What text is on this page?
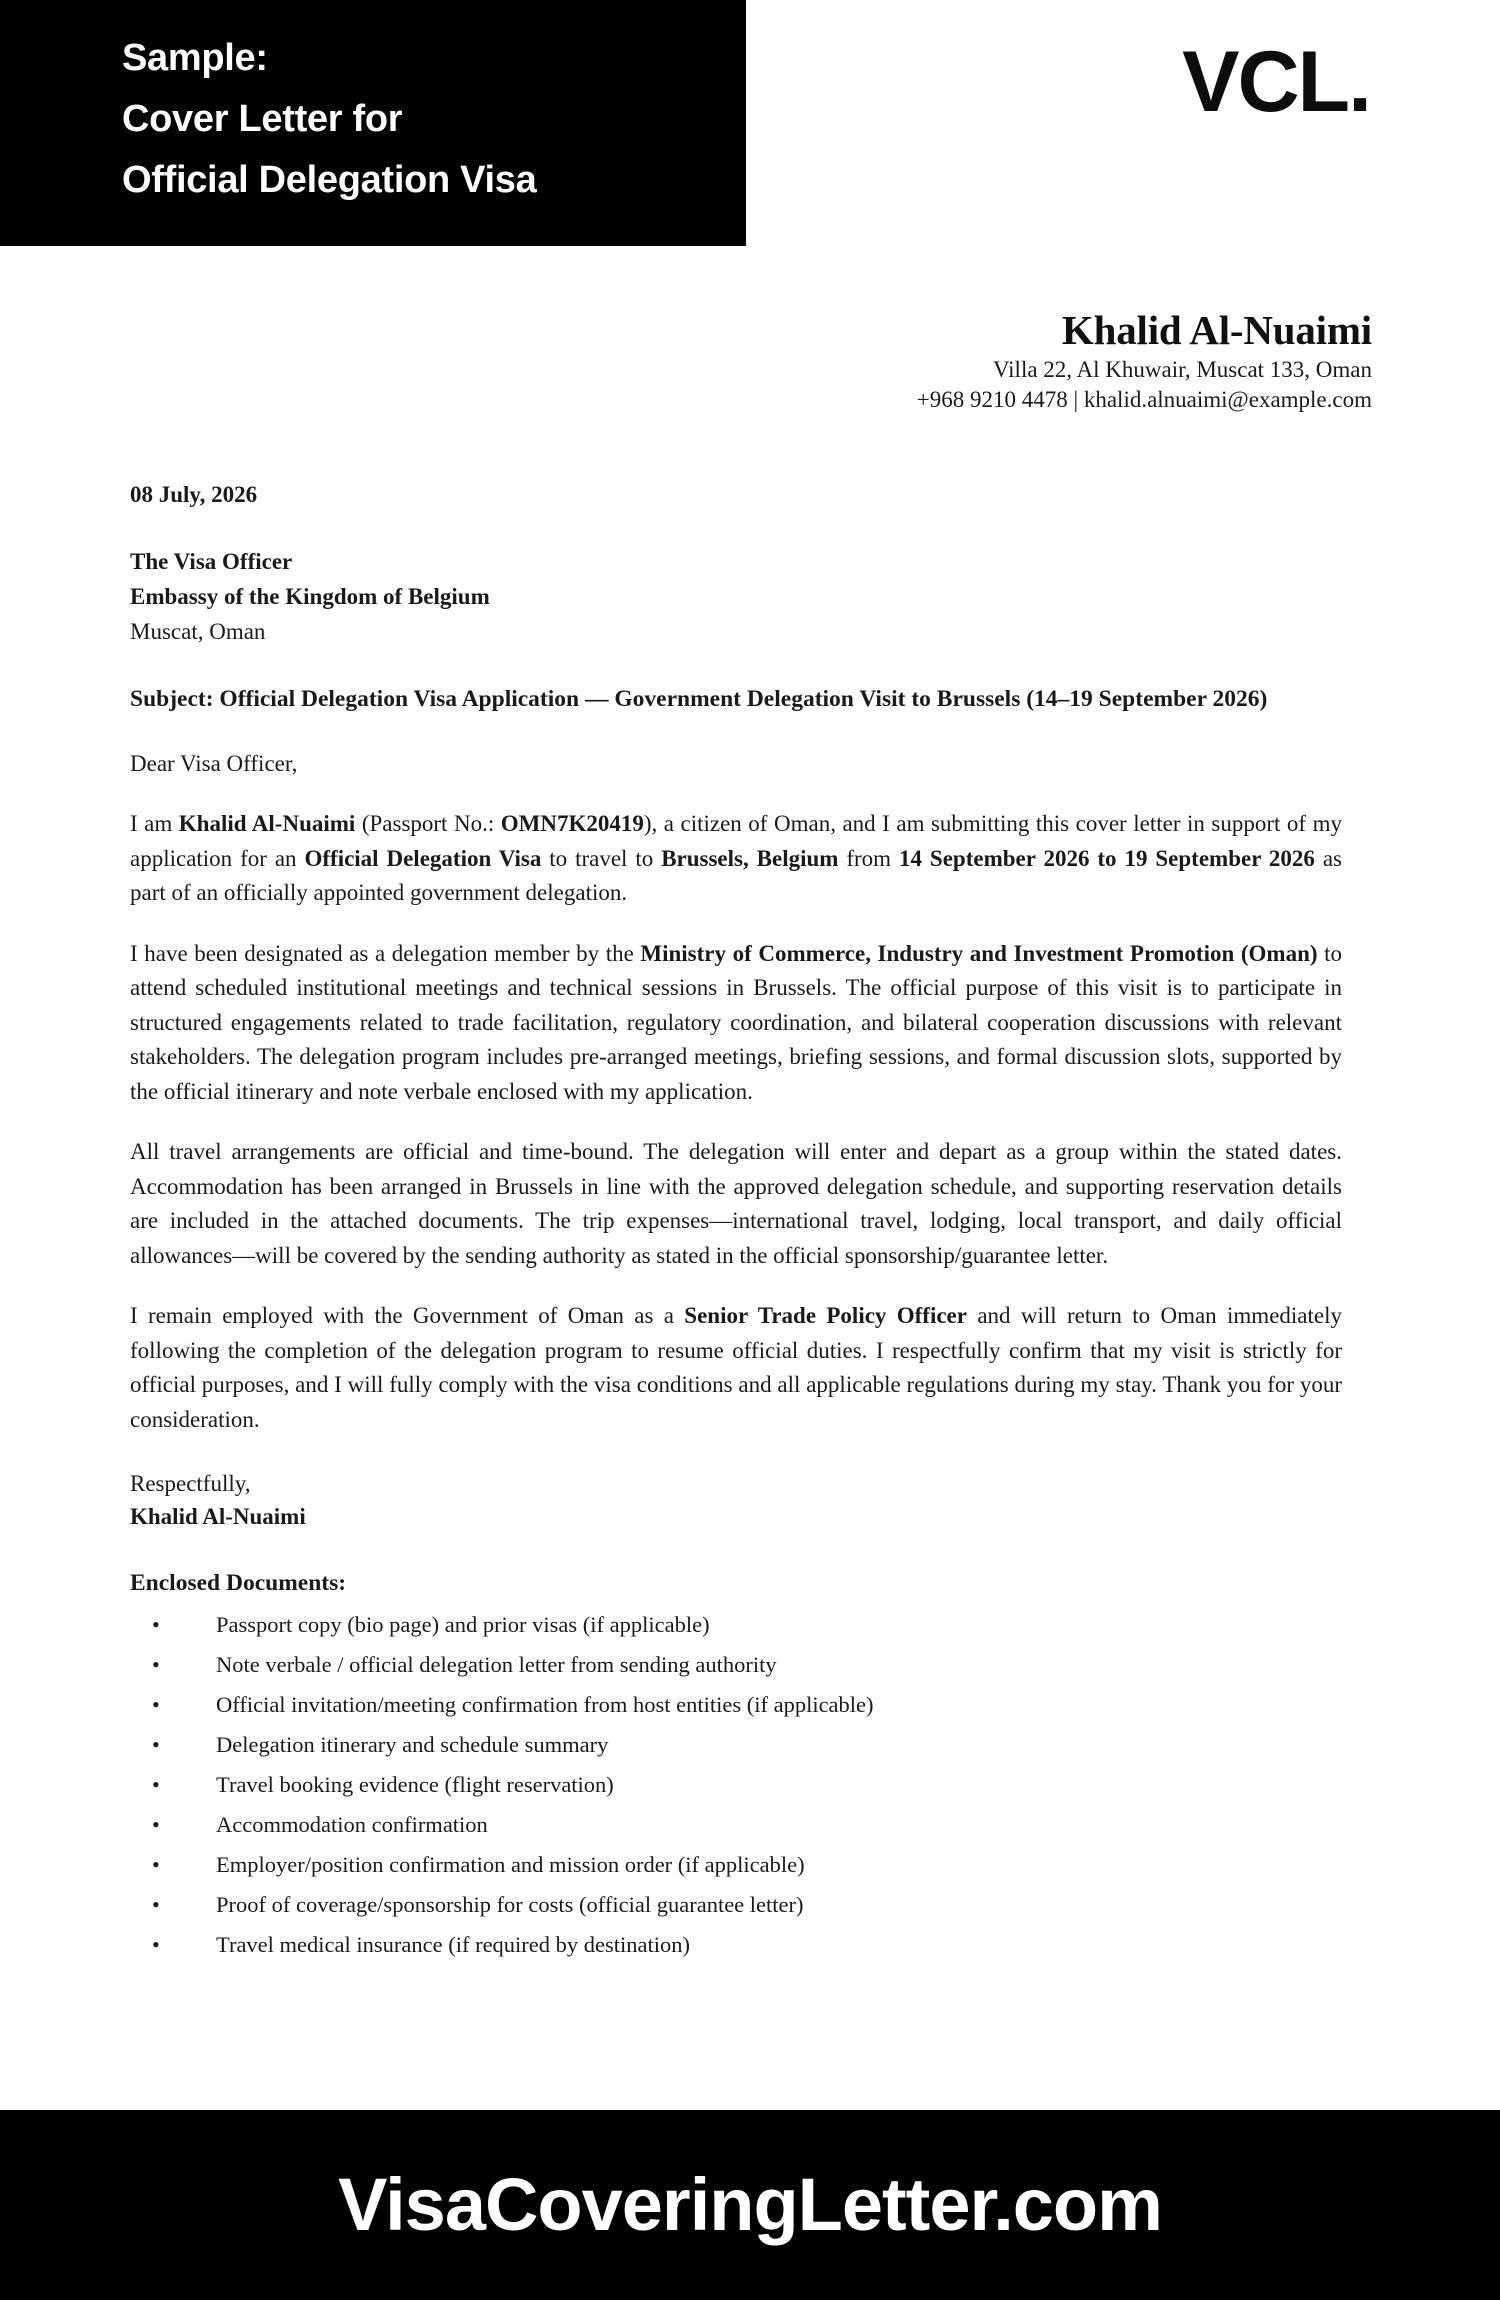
Sample:
Cover Letter for
Official Delegation Visa
VCL.
Khalid Al-Nuaimi
Villa 22, Al Khuwair, Muscat 133, Oman
+968 9210 4478 | khalid.alnuaimi@example.com
08 July, 2026
The Visa Officer
Embassy of the Kingdom of Belgium
Muscat, Oman
Subject: Official Delegation Visa Application — Government Delegation Visit to Brussels (14–19 September 2026)
Dear Visa Officer,

I am Khalid Al-Nuaimi (Passport No.: OMN7K20419), a citizen of Oman, and I am submitting this cover letter in support of my application for an Official Delegation Visa to travel to Brussels, Belgium from 14 September 2026 to 19 September 2026 as part of an officially appointed government delegation.

I have been designated as a delegation member by the Ministry of Commerce, Industry and Investment Promotion (Oman) to attend scheduled institutional meetings and technical sessions in Brussels. The official purpose of this visit is to participate in structured engagements related to trade facilitation, regulatory coordination, and bilateral cooperation discussions with relevant stakeholders. The delegation program includes pre-arranged meetings, briefing sessions, and formal discussion slots, supported by the official itinerary and note verbale enclosed with my application.

All travel arrangements are official and time-bound. The delegation will enter and depart as a group within the stated dates. Accommodation has been arranged in Brussels in line with the approved delegation schedule, and supporting reservation details are included in the attached documents. The trip expenses—international travel, lodging, local transport, and daily official allowances—will be covered by the sending authority as stated in the official sponsorship/guarantee letter.

I remain employed with the Government of Oman as a Senior Trade Policy Officer and will return to Oman immediately following the completion of the delegation program to resume official duties. I respectfully confirm that my visit is strictly for official purposes, and I will fully comply with the visa conditions and all applicable regulations during my stay. Thank you for your consideration.

Respectfully,
Khalid Al-Nuaimi
Enclosed Documents:
•	Passport copy (bio page) and prior visas (if applicable)
•	Note verbale / official delegation letter from sending authority
•	Official invitation/meeting confirmation from host entities (if applicable)
•	Delegation itinerary and schedule summary
•	Travel booking evidence (flight reservation)
•	Accommodation confirmation
•	Employer/position confirmation and mission order (if applicable)
•	Proof of coverage/sponsorship for costs (official guarantee letter)
•	Travel medical insurance (if required by destination)
VisaCoveringLetter.com
